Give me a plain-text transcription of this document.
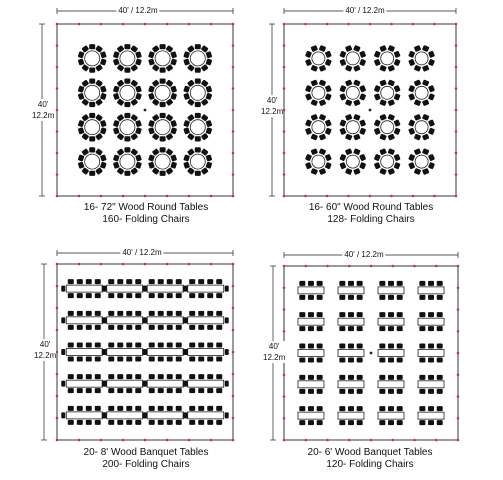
40' / 12.2m
40'
12.2m
16- 72" Wood Round Tables
160- Folding Chairs
40' / 12.2m
40'
12.2m
16- 60" Wood Round Tables
128- Folding Chairs
40' / 12.2m
40'
12.2m
20- 8' Wood Banquet Tables
200- Folding Chairs
40' / 12.2m
40'
12.2m
20- 6' Wood Banquet Tables
120- Folding Chairs
